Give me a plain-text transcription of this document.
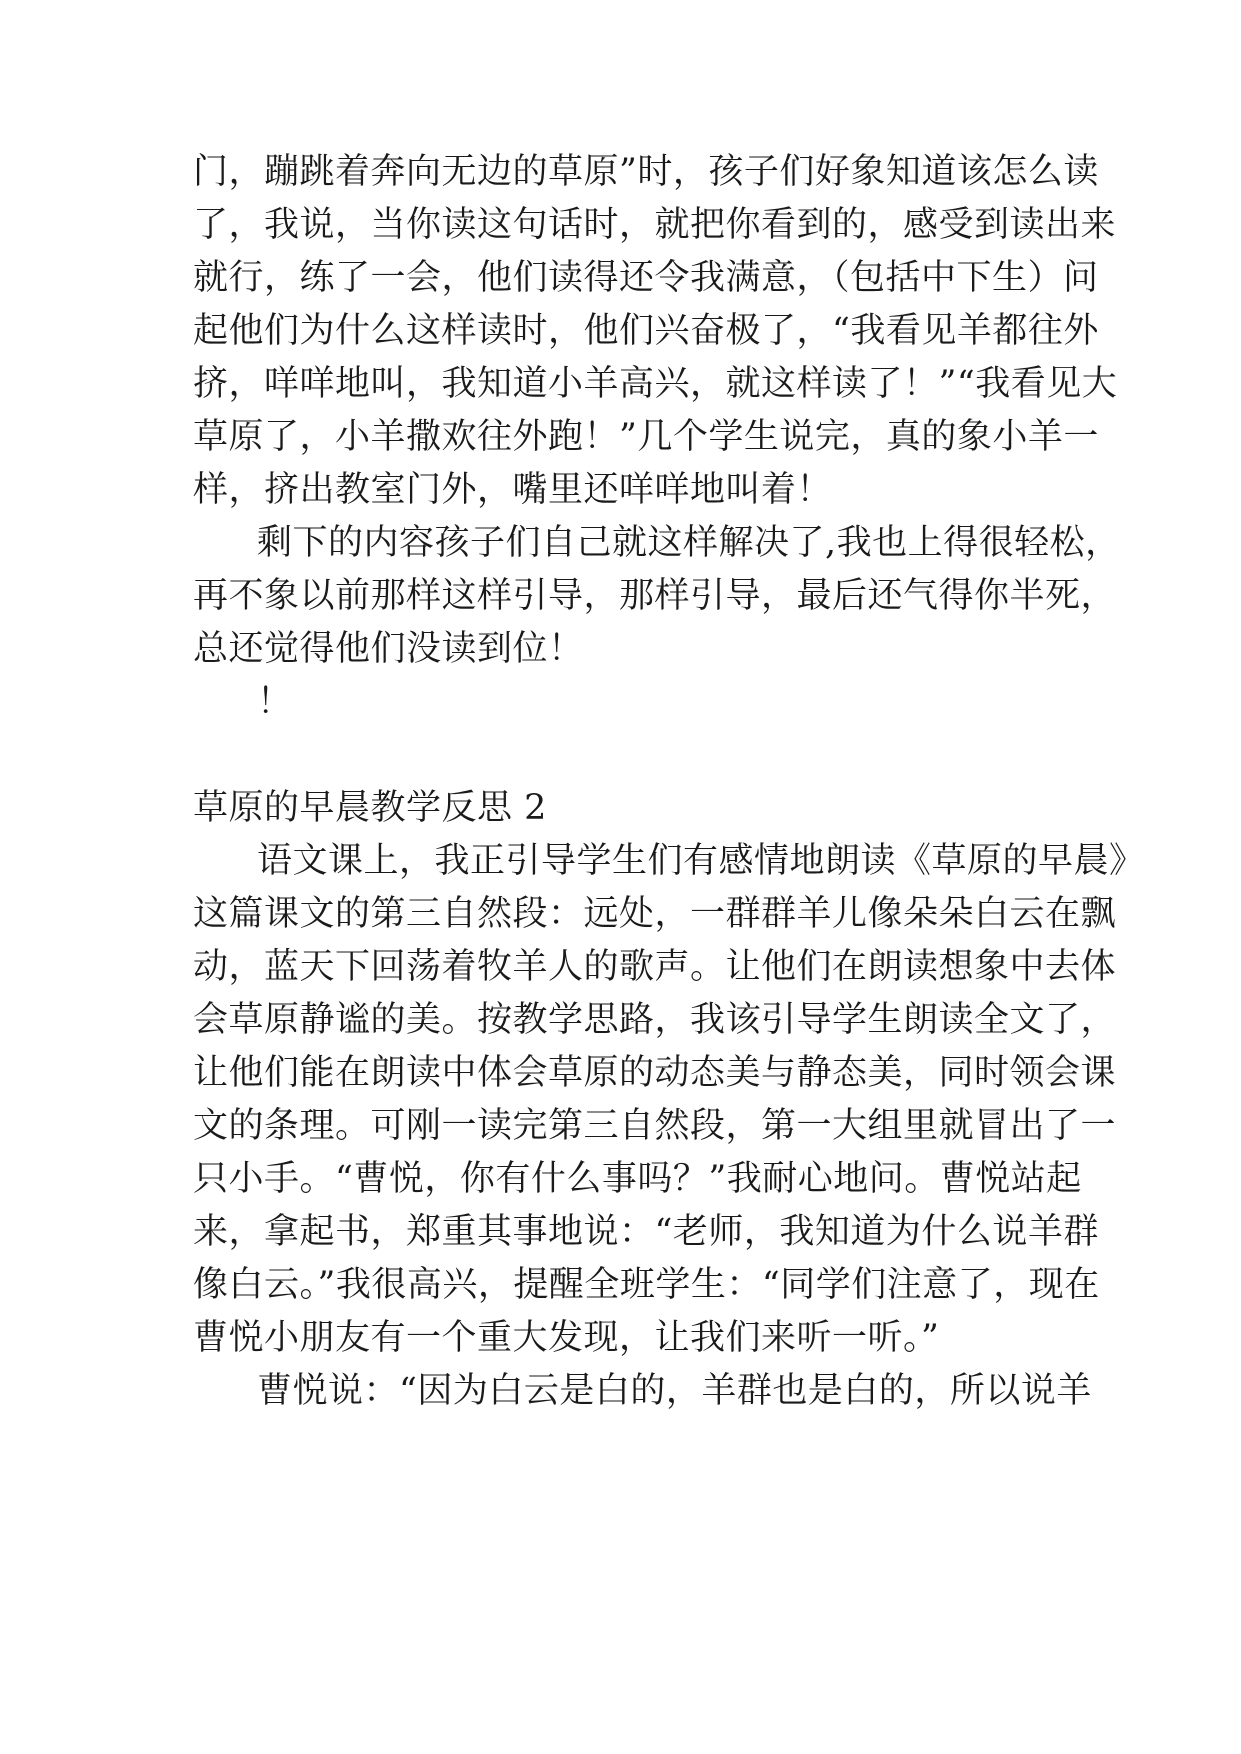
门，蹦跳着奔向无边的草原”时，孩子们好象知道该怎么读
了，我说，当你读这句话时，就把你看到的，感受到读出来
就行，练了一会，他们读得还令我满意，（包括中下生）问
起他们为什么这样读时，他们兴奋极了，“我看见羊都往外
挤，咩咩地叫，我知道小羊高兴，就这样读了！”“我看见大
草原了，小羊撒欢往外跑！”几个学生说完，真的象小羊一
样，挤出教室门外，嘴里还咩咩地叫着！
剩下的内容孩子们自己就这样解决了,我也上得很轻松，
再不象以前那样这样引导，那样引导，最后还气得你半死，
总还觉得他们没读到位！
！
草原的早晨教学反思 2
语文课上，我正引导学生们有感情地朗读《草原的早晨》
这篇课文的第三自然段：远处，一群群羊儿像朵朵白云在飘
动，蓝天下回荡着牧羊人的歌声。让他们在朗读想象中去体
会草原静谧的美。按教学思路，我该引导学生朗读全文了，
让他们能在朗读中体会草原的动态美与静态美，同时领会课
文的条理。可刚一读完第三自然段，第一大组里就冒出了一
只小手。“曹悦，你有什么事吗？”我耐心地问。曹悦站起
来，拿起书，郑重其事地说：“老师，我知道为什么说羊群
像白云。”我很高兴，提醒全班学生：“同学们注意了，现在
曹悦小朋友有一个重大发现，让我们来听一听。”
曹悦说：“因为白云是白的，羊群也是白的，所以说羊
